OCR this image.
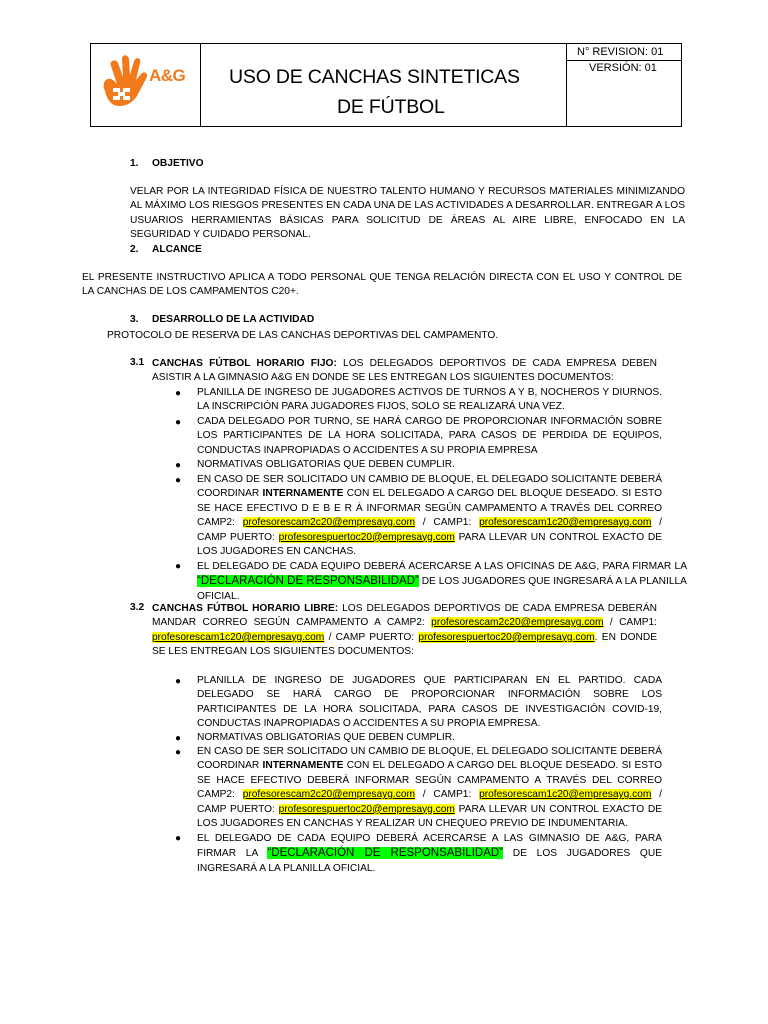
A&G USO DE CANCHAS SINTETICAS
DE FÚTBOL
N° REVISION: 01
VERSIÓN: 01
1. OBJETIVO
VELAR POR LA INTEGRIDAD FÍSICA DE NUESTRO TALENTO HUMANO Y RECURSOS MATERIALES MINIMIZANDO AL MÁXIMO LOS RIESGOS PRESENTES EN CADA UNA DE LAS ACTIVIDADES A DESARROLLAR. ENTREGAR A LOS USUARIOS HERRAMIENTAS BÁSICAS PARA SOLICITUD DE ÁREAS AL AIRE LIBRE, ENFOCADO EN LA SEGURIDAD Y CUIDADO PERSONAL.
2. ALCANCE
EL PRESENTE INSTRUCTIVO APLICA A TODO PERSONAL QUE TENGA RELACIÓN DIRECTA CON EL USO Y CONTROL DE LA CANCHAS DE LOS CAMPAMENTOS C20+.
3. DESARROLLO DE LA ACTIVIDAD
PROTOCOLO DE RESERVA DE LAS CANCHAS DEPORTIVAS DEL CAMPAMENTO.
3.1 CANCHAS FÚTBOL HORARIO FIJO: LOS DELEGADOS DEPORTIVOS DE CADA EMPRESA DEBEN ASISTIR A LA GIMNASIO A&G EN DONDE SE LES ENTREGAN LOS SIGUIENTES DOCUMENTOS:
● PLANILLA DE INGRESO DE JUGADORES ACTIVOS DE TURNOS A Y B, NOCHEROS Y DIURNOS. LA INSCRIPCIÓN PARA JUGADORES FIJOS, SOLO SE REALIZARÁ UNA VEZ.
● CADA DELEGADO POR TURNO, SE HARÁ CARGO DE PROPORCIONAR INFORMACIÓN SOBRE LOS PARTICIPANTES DE LA HORA SOLICITADA, PARA CASOS DE PERDIDA DE EQUIPOS, CONDUCTAS INAPROPIADAS O ACCIDENTES A SU PROPIA EMPRESA
● NORMATIVAS OBLIGATORIAS QUE DEBEN CUMPLIR.
● EN CASO DE SER SOLICITADO UN CAMBIO DE BLOQUE, EL DELEGADO SOLICITANTE DEBERÁ COORDINAR INTERNAMENTE CON EL DELEGADO A CARGO DEL BLOQUE DESEADO. SI ESTO SE HACE EFECTIVO D E B E R Á INFORMAR SEGÚN CAMPAMENTO A TRAVÉS DEL CORREO CAMP2: profesorescam2c20@empresayg.com / CAMP1: profesorescam1c20@empresayg.com / CAMP PUERTO: profesorespuertoc20@empresayg.com PARA LLEVAR UN CONTROL EXACTO DE LOS JUGADORES EN CANCHAS.
● EL DELEGADO DE CADA EQUIPO DEBERÁ ACERCARSE A LAS OFICINAS DE A&G, PARA FIRMAR LA “DECLARACIÓN DE RESPONSABILIDAD” DE LOS JUGADORES QUE INGRESARÁ A LA PLANILLA OFICIAL.
3.2 CANCHAS FÚTBOL HORARIO LIBRE: LOS DELEGADOS DEPORTIVOS DE CADA EMPRESA DEBERÁN MANDAR CORREO SEGÚN CAMPAMENTO A CAMP2: profesorescam2c20@empresayg.com / CAMP1: profesorescam1c20@empresayg.com / CAMP PUERTO: profesorespuertoc20@empresayg.com. EN DONDE SE LES ENTREGAN LOS SIGUIENTES DOCUMENTOS:
● PLANILLA DE INGRESO DE JUGADORES QUE PARTICIPARAN EN EL PARTIDO. CADA DELEGADO SE HARÁ CARGO DE PROPORCIONAR INFORMACIÓN SOBRE LOS PARTICIPANTES DE LA HORA SOLICITADA, PARA CASOS DE INVESTIGACIÓN COVID-19, CONDUCTAS INAPROPIADAS O ACCIDENTES A SU PROPIA EMPRESA.
● NORMATIVAS OBLIGATORIAS QUE DEBEN CUMPLIR.
● EN CASO DE SER SOLICITADO UN CAMBIO DE BLOQUE, EL DELEGADO SOLICITANTE DEBERÁ COORDINAR INTERNAMENTE CON EL DELEGADO A CARGO DEL BLOQUE DESEADO. SI ESTO SE HACE EFECTIVO DEBERÁ INFORMAR SEGÚN CAMPAMENTO A TRAVÉS DEL CORREO CAMP2: profesorescam2c20@empresayg.com / CAMP1: profesorescam1c20@empresayg.com / CAMP PUERTO: profesorespuertoc20@empresayg.com PARA LLEVAR UN CONTROL EXACTO DE LOS JUGADORES EN CANCHAS Y REALIZAR UN CHEQUEO PREVIO DE INDUMENTARIA.
● EL DELEGADO DE CADA EQUIPO DEBERÁ ACERCARSE A LAS GIMNASIO DE A&G, PARA FIRMAR LA “DECLARACIÓN DE RESPONSABILIDAD” DE LOS JUGADORES QUE INGRESARÁ A LA PLANILLA OFICIAL.
